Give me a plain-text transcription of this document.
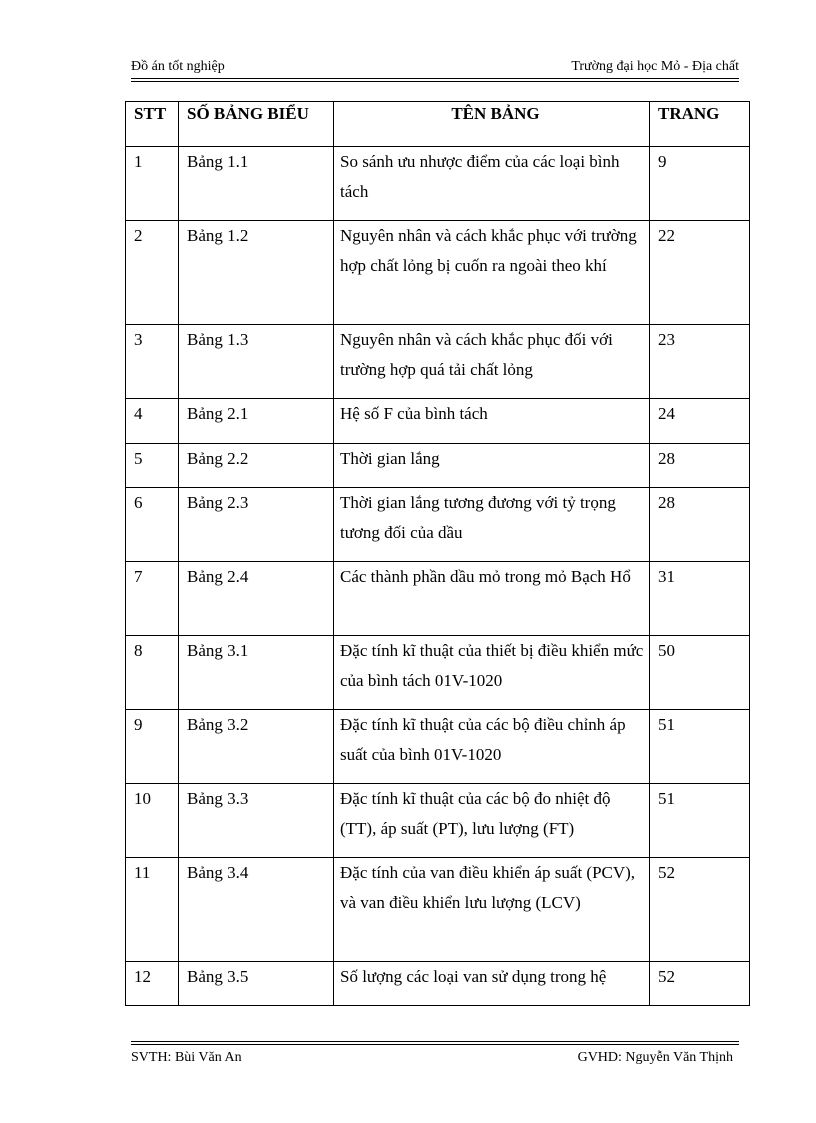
Đồ án tốt nghiệp	Trường đại học Mỏ - Địa chất
STT	SỐ BẢNG BIỂU	TÊN BẢNG	TRANG
1	Bảng 1.1	So sánh ưu nhược điểm của các loại bình tách	9
2	Bảng 1.2	Nguyên nhân và cách khắc phục với trường hợp chất lỏng bị cuốn ra ngoài theo khí	22
3	Bảng 1.3	Nguyên nhân và cách khắc phục đối với trường hợp quá tải chất lỏng	23
4	Bảng 2.1	Hệ số F của bình tách	24
5	Bảng 2.2	Thời gian lắng	28
6	Bảng 2.3	Thời gian lắng tương đương với tỷ trọng tương đối của dầu	28
7	Bảng 2.4	Các thành phần dầu mỏ trong mỏ Bạch Hổ	31
8	Bảng 3.1	Đặc tính kĩ thuật của thiết bị điều khiển mức của bình tách 01V-1020	50
9	Bảng 3.2	Đặc tính kĩ thuật của các bộ điều chỉnh áp suất của bình 01V-1020	51
10	Bảng 3.3	Đặc tính kĩ thuật của các bộ đo nhiệt độ (TT), áp suất (PT), lưu lượng (FT)	51
11	Bảng 3.4	Đặc tính của van điều khiển áp suất (PCV), và van điều khiển lưu lượng (LCV)	52
12	Bảng 3.5	Số lượng các loại van sử dụng trong hệ	52
SVTH: Bùi Văn An	GVHD: Nguyễn Văn Thịnh
